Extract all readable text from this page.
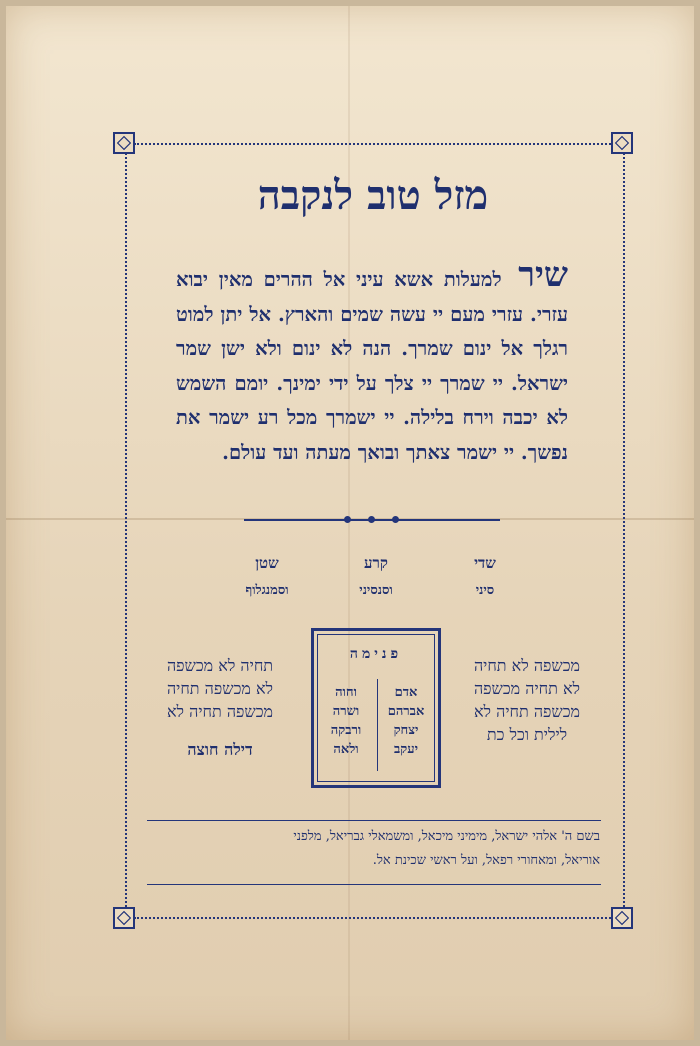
מזל טוב לנקבה
שיר למעלות אשא עיני אל ההרים מאין יבוא עזרי. עזרי מעם יי עשה שמים והארץ. אל יתן למוט רגלך אל ינום שמרך. הנה לא ינום ולא ישן שמר ישראל. יי שמרך יי צלך על ידי ימינך. יומם השמש לא יכבה וירח בלילה. יי ישמרך מכל רע ישמר את נפשך. יי ישמר צאתך ובואך מעתה ועד עולם.
שדי
סיני
קרע
וסנסיני
שטן
וסמנגלוף
מכשפה לא תחיה
לא תחיה מכשפה
מכשפה תחיה לא
לילית וכל כת
תחיה לא מכשפה
לא מכשפה תחיה
מכשפה תחיה לא
דילה חוצה
פנימה
אדם
אברהם
יצחק
יעקב
וחוה
ושרה
ורבקה
ולאה
בשם ה' אלהי ישראל, מימיני מיכאל, ומשמאלי גבריאל, מלפני
אוריאל, ומאחורי רפאל, ועל ראשי שכינת אל.
